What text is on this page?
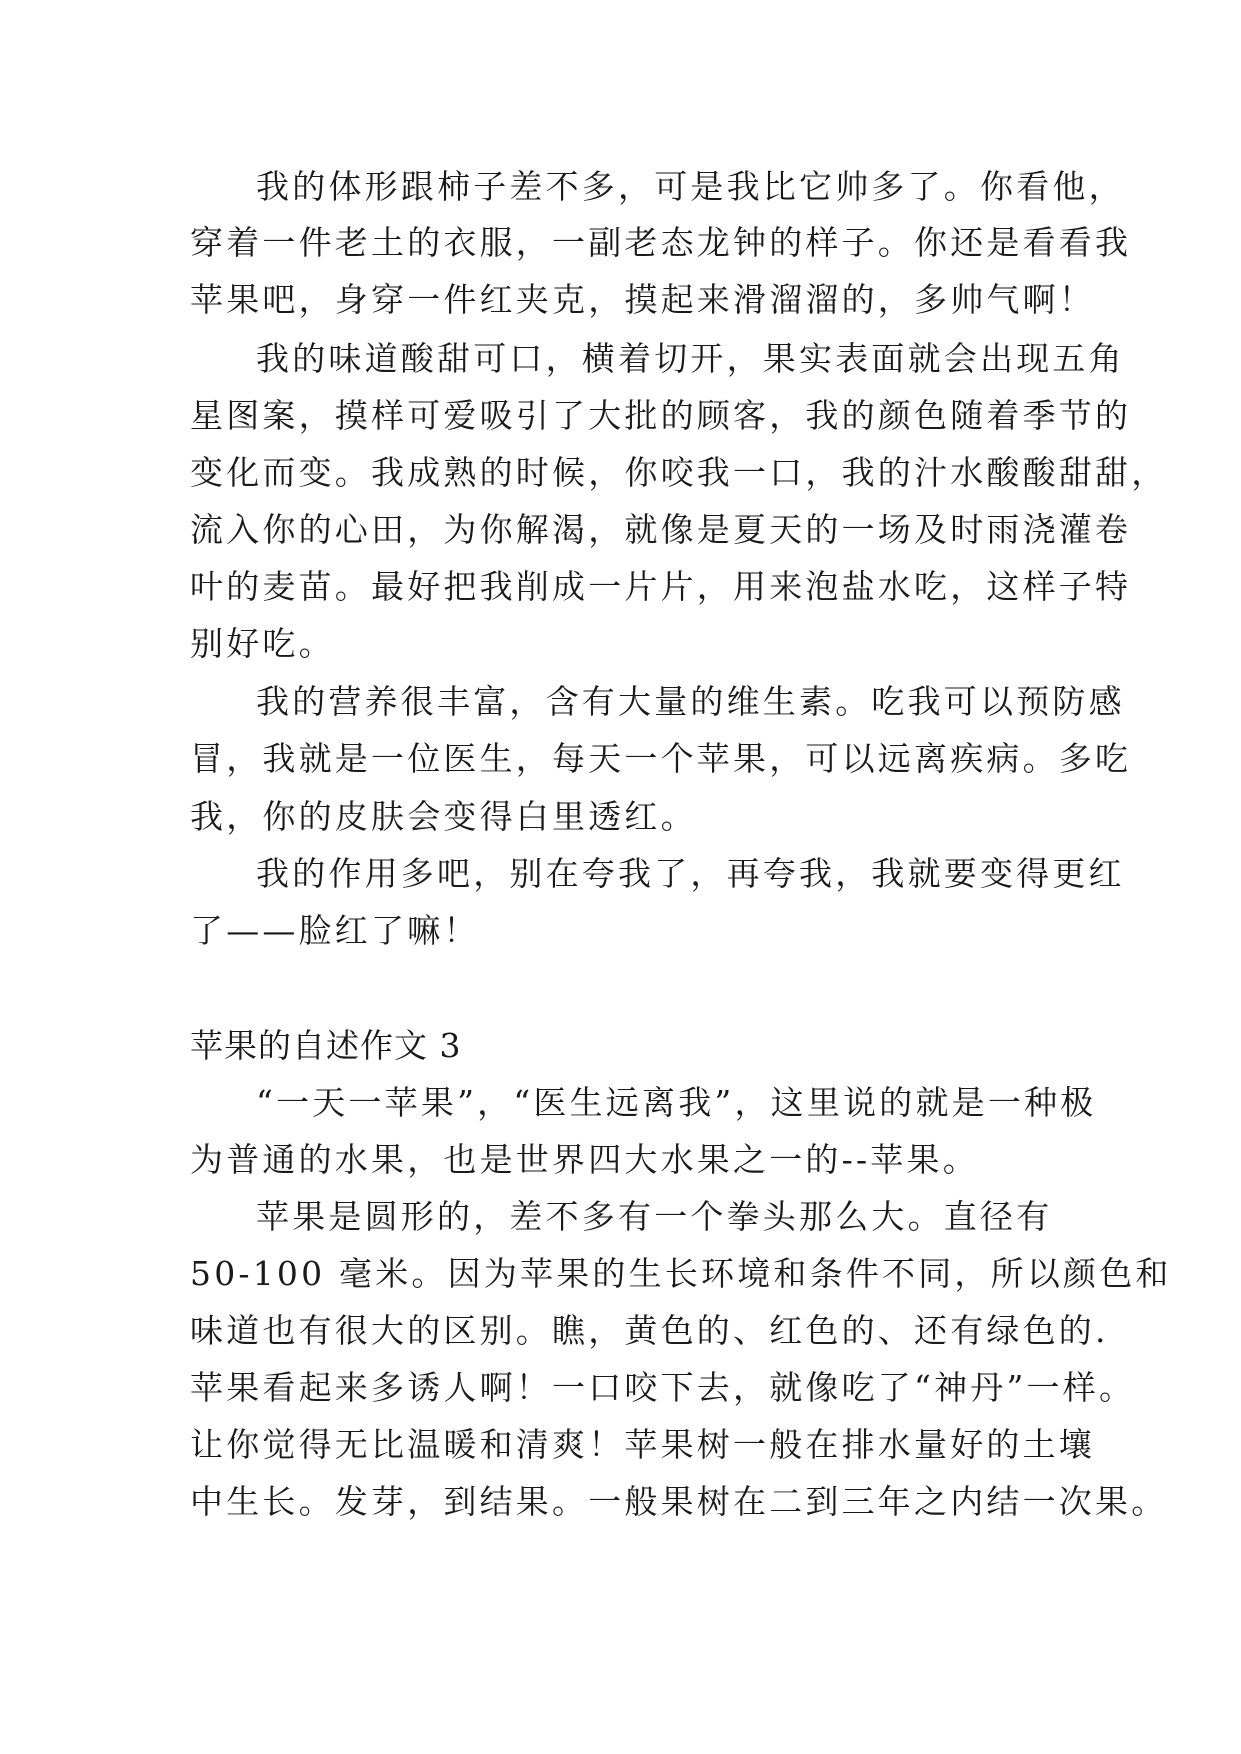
我的体形跟柿子差不多，可是我比它帅多了。你看他，
穿着一件老土的衣服，一副老态龙钟的样子。你还是看看我
苹果吧，身穿一件红夹克，摸起来滑溜溜的，多帅气啊！
我的味道酸甜可口，横着切开，果实表面就会出现五角
星图案，摸样可爱吸引了大批的顾客，我的颜色随着季节的
变化而变。我成熟的时候，你咬我一口，我的汁水酸酸甜甜，
流入你的心田，为你解渴，就像是夏天的一场及时雨浇灌卷
叶的麦苗。最好把我削成一片片，用来泡盐水吃，这样子特
别好吃。
我的营养很丰富，含有大量的维生素。吃我可以预防感
冒，我就是一位医生，每天一个苹果，可以远离疾病。多吃
我，你的皮肤会变得白里透红。
我的作用多吧，别在夸我了，再夸我，我就要变得更红
了——脸红了嘛！
苹果的自述作文 3
“一天一苹果”，“医生远离我”，这里说的就是一种极
为普通的水果，也是世界四大水果之一的--苹果。
苹果是圆形的，差不多有一个拳头那么大。直径有
50-100 毫米。因为苹果的生长环境和条件不同，所以颜色和
味道也有很大的区别。瞧，黄色的、红色的、还有绿色的.
苹果看起来多诱人啊！一口咬下去，就像吃了“神丹”一样。
让你觉得无比温暖和清爽！苹果树一般在排水量好的土壤
中生长。发芽，到结果。一般果树在二到三年之内结一次果。
